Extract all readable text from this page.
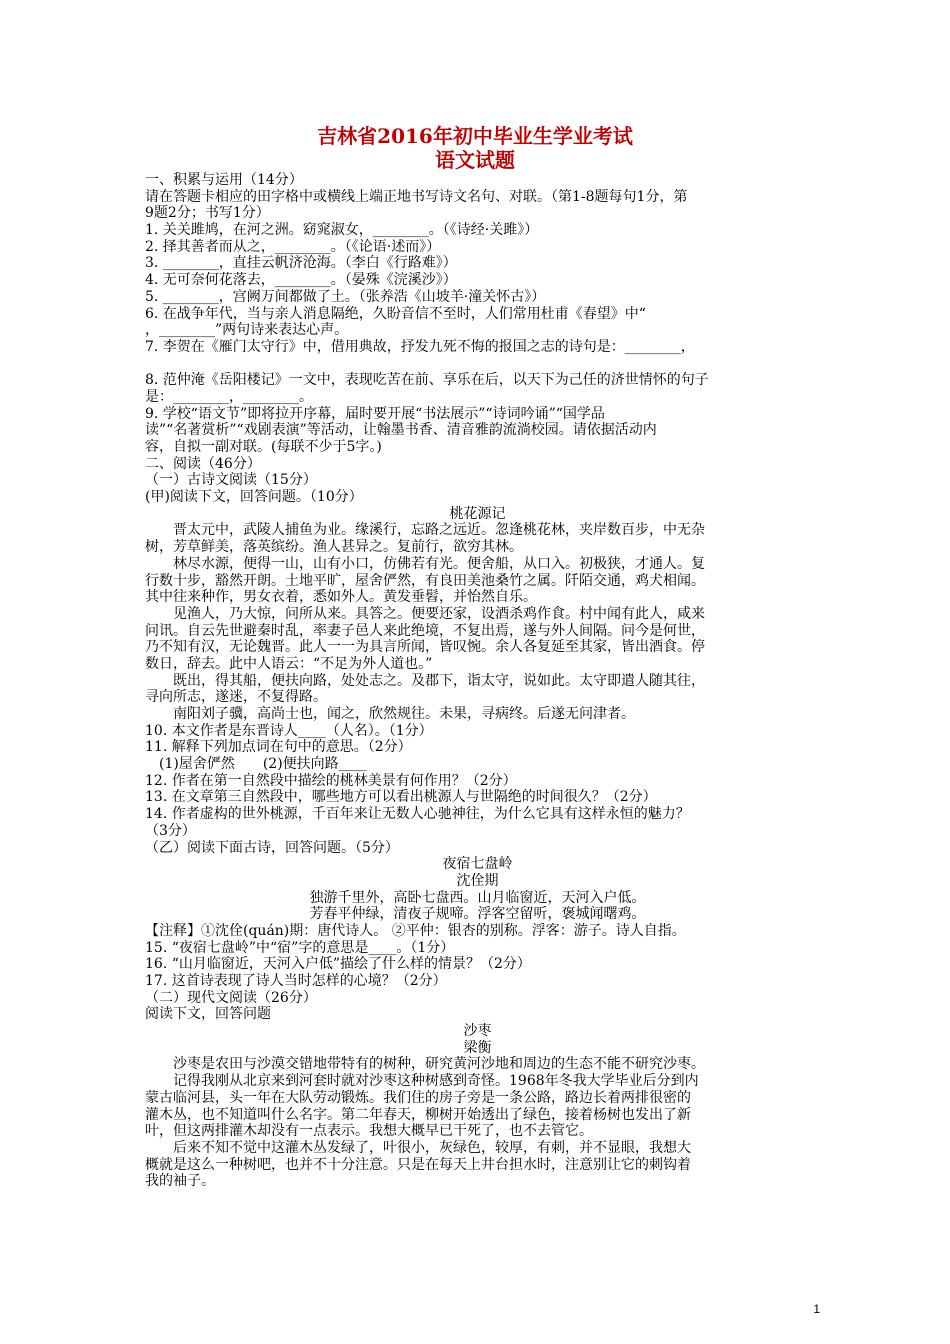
吉林省2016年初中毕业生学业考试
语文试题
一、积累与运用（14分）
请在答题卡相应的田字格中或横线上端正地书写诗文名句、对联。（第1-8题每句1分，第
9题2分；书写1分）
1. 关关雎鸠，在河之洲。窈窕淑女，________。（《诗经·关雎》）
2. 择其善者而从之，________。（《论语·述而》）
3. ________，直挂云帆济沧海。（李白《行路难》）
4. 无可奈何花落去，________。（晏殊《浣溪沙》）
5. ________，宫阙万间都做了土。（张养浩《山坡羊·潼关怀古》）
6. 在战争年代，当与亲人消息隔绝，久盼音信不至时，人们常用杜甫《春望》中“
，________”两句诗来表达心声。
7. 李贺在《雁门太守行》中，借用典故，抒发九死不悔的报国之志的诗句是：________，
8. 范仲淹《岳阳楼记》一文中，表现吃苦在前、享乐在后，以天下为己任的济世情怀的句子
是：________，________。
9. 学校“语文节”即将拉开序幕，届时要开展“书法展示”“诗词吟诵”“国学品
读”“名著赏析”“戏剧表演”等活动，让翰墨书香、清音雅韵流淌校园。请依据活动内
容，自拟一副对联。(每联不少于5字。)
二、阅读（46分）
（一）古诗文阅读（15分）
(甲)阅读下文，回答问题。（10分）
桃花源记
晋太元中，武陵人捕鱼为业。缘溪行，忘路之远近。忽逢桃花林，夹岸数百步，中无杂
树，芳草鲜美，落英缤纷。渔人甚异之。复前行，欲穷其林。
林尽水源，便得一山，山有小口，仿佛若有光。便舍船，从口入。初极狭，才通人。复
行数十步，豁然开朗。土地平旷，屋舍俨然，有良田美池桑竹之属。阡陌交通，鸡犬相闻。
其中往来种作，男女衣着，悉如外人。黄发垂髫，并怡然自乐。
见渔人，乃大惊，问所从来。具答之。便要还家，设酒杀鸡作食。村中闻有此人，咸来
问讯。自云先世避秦时乱，率妻子邑人来此绝境，不复出焉，遂与外人间隔。问今是何世，
乃不知有汉，无论魏晋。此人一一为具言所闻，皆叹惋。余人各复延至其家，皆出酒食。停
数日，辞去。此中人语云：“不足为外人道也。”
既出，得其船，便扶向路，处处志之。及郡下，诣太守，说如此。太守即遣人随其往，
寻向所志，遂迷，不复得路。
南阳刘子骥，高尚士也，闻之，欣然规往。未果，寻病终。后遂无问津者。
10. 本文作者是东晋诗人____（人名）。（1分）
11. 解释下列加点词在句中的意思。（2分）
(1)屋舍俨然　　(2)便扶向路____
12. 作者在第一自然段中描绘的桃林美景有何作用？（2分）
13. 在文章第三自然段中，哪些地方可以看出桃源人与世隔绝的时间很久？（2分）
14. 作者虚构的世外桃源，千百年来让无数人心驰神往，为什么它具有这样永恒的魅力？
（3分）
（乙）阅读下面古诗，回答问题。（5分）
夜宿七盘岭
沈佺期
独游千里外，高卧七盘西。山月临窗近，天河入户低。
芳春平仲绿，清夜子规啼。浮客空留听，褒城闻曙鸡。
【注释】①沈佺(quán)期：唐代诗人。 ②平仲：银杏的别称。浮客：游子。诗人自指。
15. “夜宿七盘岭”中“宿”字的意思是____。（1分）
16. “山月临窗近，天河入户低”描绘了什么样的情景？（2分）
17. 这首诗表现了诗人当时怎样的心境？（2分）
（二）现代文阅读（26分）
阅读下文，回答问题
沙枣
梁衡
沙枣是农田与沙漠交错地带特有的树种，研究黄河沙地和周边的生态不能不研究沙枣。
记得我刚从北京来到河套时就对沙枣这种树感到奇怪。1968年冬我大学毕业后分到内
蒙古临河县，头一年在大队劳动锻炼。我们住的房子旁是一条公路，路边长着两排很密的
灌木丛，也不知道叫什么名字。第二年春天，柳树开始透出了绿色，接着杨树也发出了新
叶，但这两排灌木却没有一点表示。我想大概早已干死了，也不去管它。
后来不知不觉中这灌木丛发绿了，叶很小，灰绿色，较厚，有刺，并不显眼，我想大
概就是这么一种树吧，也并不十分注意。只是在每天上井台担水时，注意别让它的刺钩着
我的袖子。
1
